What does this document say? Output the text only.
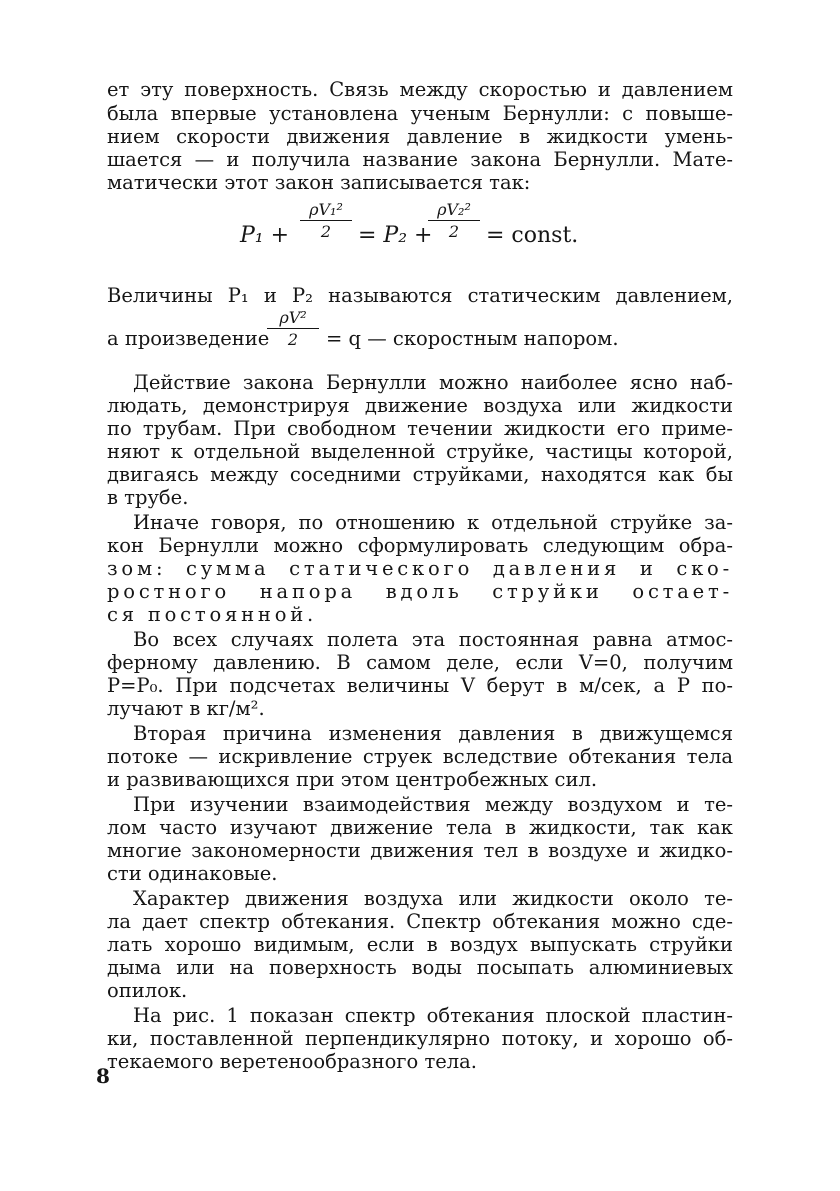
ет эту поверхность. Связь между скоростью и давлением
была впервые установлена ученым Бернулли: с повыше-
нием скорости движения давление в жидкости умень-
шается — и получила название закона Бернулли. Мате-
матически этот закон записывается так:
P₁ +
ρV₁²
2	= P₂ +
ρV₂²
2	= const.
Величины P₁ и P₂ называются статическим давлением,
а произведение
ρV²
2	= q — скоростным напором.
Действие закона Бернулли можно наиболее ясно наб-
людать, демонстрируя движение воздуха или жидкости
по трубам. При свободном течении жидкости его приме-
няют к отдельной выделенной струйке, частицы которой,
двигаясь между соседними струйками, находятся как бы
в трубе.
Иначе говоря, по отношению к отдельной струйке за-
кон Бернулли можно сформулировать следующим обра-
зом: сумма статического давления и ско-
ростного напора вдоль струйки остает-
ся постоянной.
Во всех случаях полета эта постоянная равна атмос-
ферному давлению. В самом деле, если V=0, получим
P=P₀. При подсчетах величины V берут в м/сек, а P по-
лучают в кг/м².
Вторая причина изменения давления в движущемся
потоке — искривление струек вследствие обтекания тела
и развивающихся при этом центробежных сил.
При изучении взаимодействия между воздухом и те-
лом часто изучают движение тела в жидкости, так как
многие закономерности движения тел в воздухе и жидко-
сти одинаковые.
Характер движения воздуха или жидкости около те-
ла дает спектр обтекания. Спектр обтекания можно сде-
лать хорошо видимым, если в воздух выпускать струйки
дыма или на поверхность воды посыпать алюминиевых
опилок.
На рис. 1 показан спектр обтекания плоской пластин-
ки, поставленной перпендикулярно потоку, и хорошо об-
текаемого веретенообразного тела.
8
